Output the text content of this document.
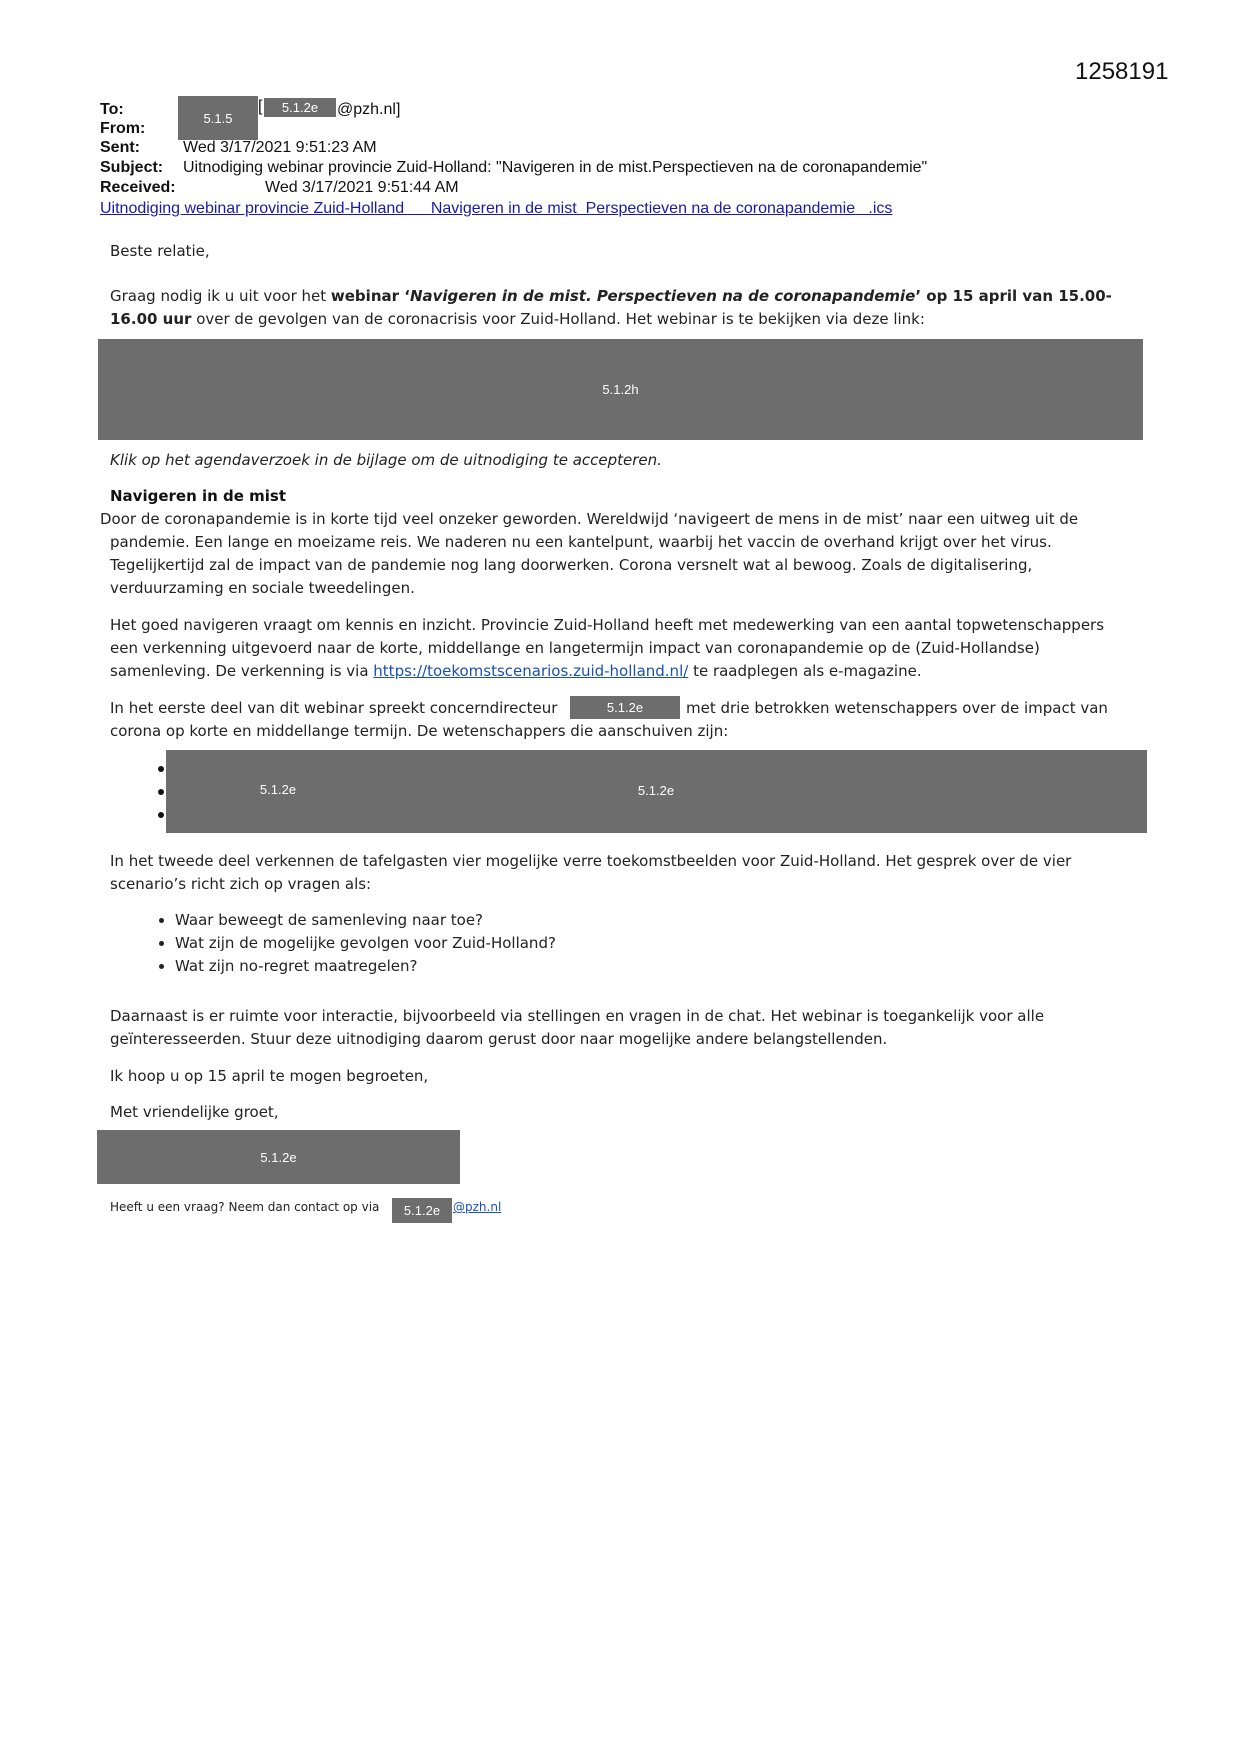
1258191
To:	5.1.5
[	5.1.2e	@pzh.nl]
From:
Sent:	Wed 3/17/2021 9:51:23 AM
Subject: Uitnodiging webinar provincie Zuid-Holland: "Navigeren in de mist.Perspectieven na de coronapandemie"
Received:	Wed 3/17/2021 9:51:44 AM
Uitnodiging webinar provincie Zuid-Holland      Navigeren in de mist  Perspectieven na de coronapandemie   .ics

Beste relatie,

Graag nodig ik u uit voor het webinar ‘Navigeren in de mist. Perspectieven na de coronapandemie’ op 15 april van 15.00-16.00 uur over de gevolgen van de coronacrisis voor Zuid-Holland. Het webinar is te bekijken via deze link:

5.1.2h

Klik op het agendaverzoek in de bijlage om de uitnodiging te accepteren.

Navigeren in de mist

Door de coronapandemie is in korte tijd veel onzeker geworden. Wereldwijd ‘navigeert de mens in de mist’ naar een uitweg uit de

pandemie. Een lange en moeizame reis. We naderen nu een kantelpunt, waarbij het vaccin de overhand krijgt over het virus. Tegelijkertijd zal de impact van de pandemie nog lang doorwerken. Corona versnelt wat al bewoog. Zoals de digitalisering, verduurzaming en sociale tweedelingen.

Het goed navigeren vraagt om kennis en inzicht. Provincie Zuid-Holland heeft met medewerking van een aantal topwetenschappers een verkenning uitgevoerd naar de korte, middellange en langetermijn impact van coronapandemie op de (Zuid-Hollandse) samenleving. De verkenning is via https://toekomstscenarios.zuid-holland.nl/ te raadplegen als e-magazine.

In het eerste deel van dit webinar spreekt concerndirecteur	5.1.2e	met drie betrokken wetenschappers over de impact van

corona op korte en middellange termijn. De wetenschappers die aanschuiven zijn:

5.1.2e	5.1.2e

In het tweede deel verkennen de tafelgasten vier mogelijke verre toekomstbeelden voor Zuid-Holland. Het gesprek over de vier scenario’s richt zich op vragen als:

• Waar beweegt de samenleving naar toe?
• Wat zijn de mogelijke gevolgen voor Zuid-Holland?
• Wat zijn no-regret maatregelen?

Daarnaast is er ruimte voor interactie, bijvoorbeeld via stellingen en vragen in de chat. Het webinar is toegankelijk voor alle geïnteresseerden. Stuur deze uitnodiging daarom gerust door naar mogelijke andere belangstellenden.

Ik hoop u op 15 april te mogen begroeten,

Met vriendelijke groet,

5.1.2e
Heeft u een vraag? Neem dan contact op via	5.1.2e	@pzh.nl
